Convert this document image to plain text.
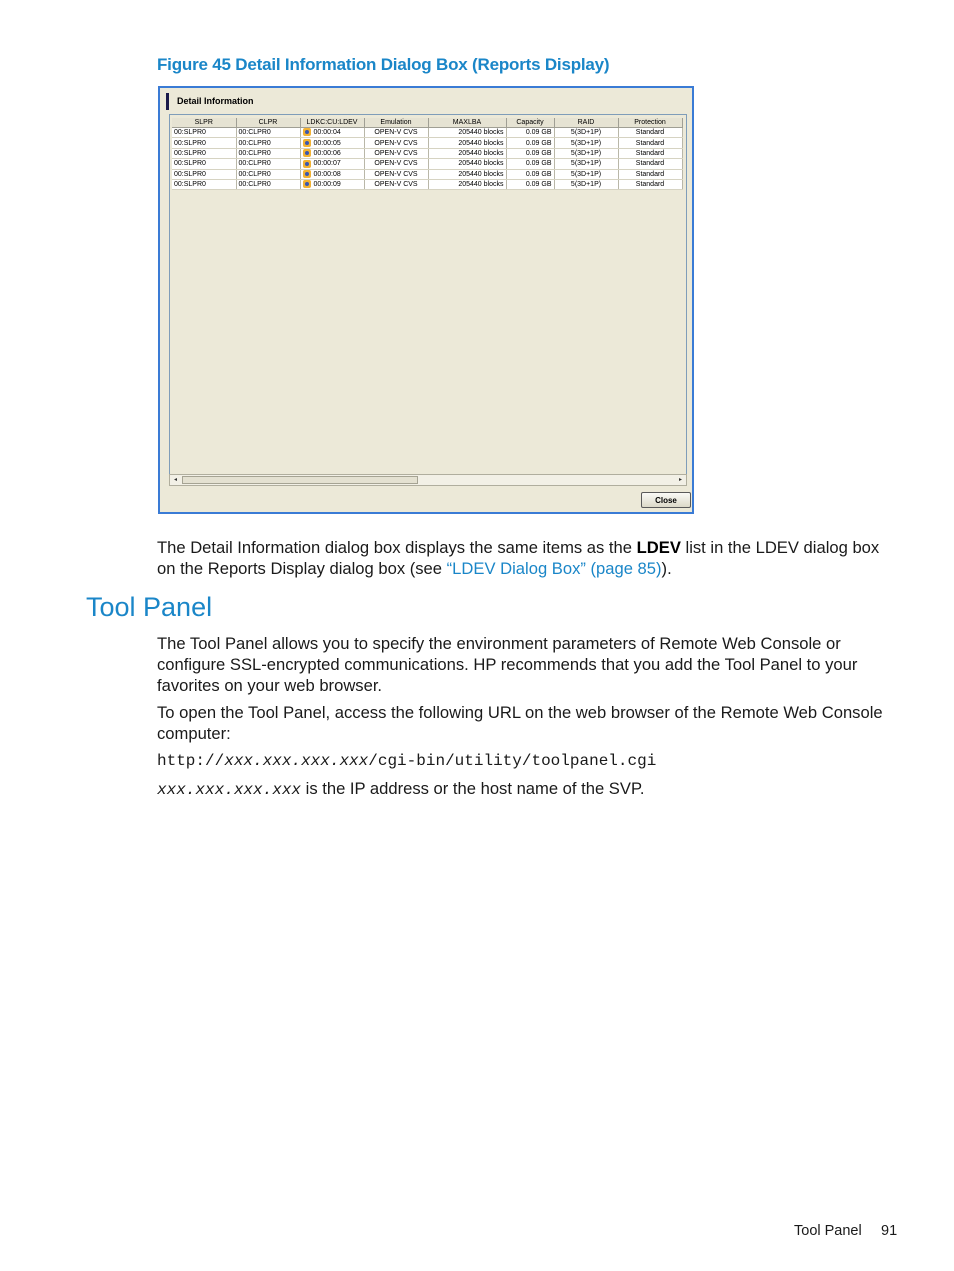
Figure 45 Detail Information Dialog Box (Reports Display)
Detail Information
SLPR	CLPR	LDKC:CU:LDEV	Emulation	MAXLBA	Capacity	RAID	Protection
00:SLPR0	00:CLPR0	00:00:04	OPEN-V CVS	205440 blocks	0.09 GB	5(3D+1P)	Standard
00:SLPR0	00:CLPR0	00:00:05	OPEN-V CVS	205440 blocks	0.09 GB	5(3D+1P)	Standard
00:SLPR0	00:CLPR0	00:00:06	OPEN-V CVS	205440 blocks	0.09 GB	5(3D+1P)	Standard
00:SLPR0	00:CLPR0	00:00:07	OPEN-V CVS	205440 blocks	0.09 GB	5(3D+1P)	Standard
00:SLPR0	00:CLPR0	00:00:08	OPEN-V CVS	205440 blocks	0.09 GB	5(3D+1P)	Standard
00:SLPR0	00:CLPR0	00:00:09	OPEN-V CVS	205440 blocks	0.09 GB	5(3D+1P)	Standard
◂	▸
Close

The Detail Information dialog box displays the same items as the LDEV list in the LDEV dialog box on the Reports Display dialog box (see “LDEV Dialog Box” (page 85)).

Tool Panel

The Tool Panel allows you to specify the environment parameters of Remote Web Console or configure SSL-encrypted communications. HP recommends that you add the Tool Panel to your favorites on your web browser.

To open the Tool Panel, access the following URL on the web browser of the Remote Web Console computer:

http://xxx.xxx.xxx.xxx/cgi-bin/utility/toolpanel.cgi
xxx.xxx.xxx.xxx is the IP address or the host name of the SVP.
Tool Panel 91
